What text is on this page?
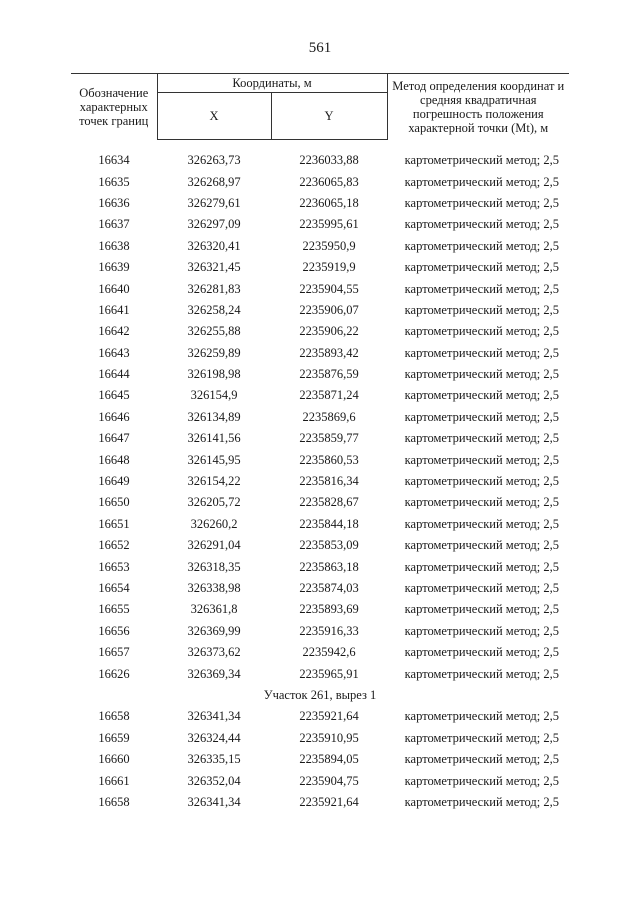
561
Обозначение характерных точек границ	Координаты, м		Метод определения координат и средняя квадратичная погрешность положения характерной точки (Mt), м
	X	Y	

16634	326263,73	2236033,88	картометрический метод; 2,5
16635	326268,97	2236065,83	картометрический метод; 2,5
16636	326279,61	2236065,18	картометрический метод; 2,5
16637	326297,09	2235995,61	картометрический метод; 2,5
16638	326320,41	2235950,9	картометрический метод; 2,5
16639	326321,45	2235919,9	картометрический метод; 2,5
16640	326281,83	2235904,55	картометрический метод; 2,5
16641	326258,24	2235906,07	картометрический метод; 2,5
16642	326255,88	2235906,22	картометрический метод; 2,5
16643	326259,89	2235893,42	картометрический метод; 2,5
16644	326198,98	2235876,59	картометрический метод; 2,5
16645	326154,9	2235871,24	картометрический метод; 2,5
16646	326134,89	2235869,6	картометрический метод; 2,5
16647	326141,56	2235859,77	картометрический метод; 2,5
16648	326145,95	2235860,53	картометрический метод; 2,5
16649	326154,22	2235816,34	картометрический метод; 2,5
16650	326205,72	2235828,67	картометрический метод; 2,5
16651	326260,2	2235844,18	картометрический метод; 2,5
16652	326291,04	2235853,09	картометрический метод; 2,5
16653	326318,35	2235863,18	картометрический метод; 2,5
16654	326338,98	2235874,03	картометрический метод; 2,5
16655	326361,8	2235893,69	картометрический метод; 2,5
16656	326369,99	2235916,33	картометрический метод; 2,5
16657	326373,62	2235942,6	картометрический метод; 2,5
16626	326369,34	2235965,91	картометрический метод; 2,5
Участок 261, вырез 1			
16658	326341,34	2235921,64	картометрический метод; 2,5
16659	326324,44	2235910,95	картометрический метод; 2,5
16660	326335,15	2235894,05	картометрический метод; 2,5
16661	326352,04	2235904,75	картометрический метод; 2,5
16658	326341,34	2235921,64	картометрический метод; 2,5
